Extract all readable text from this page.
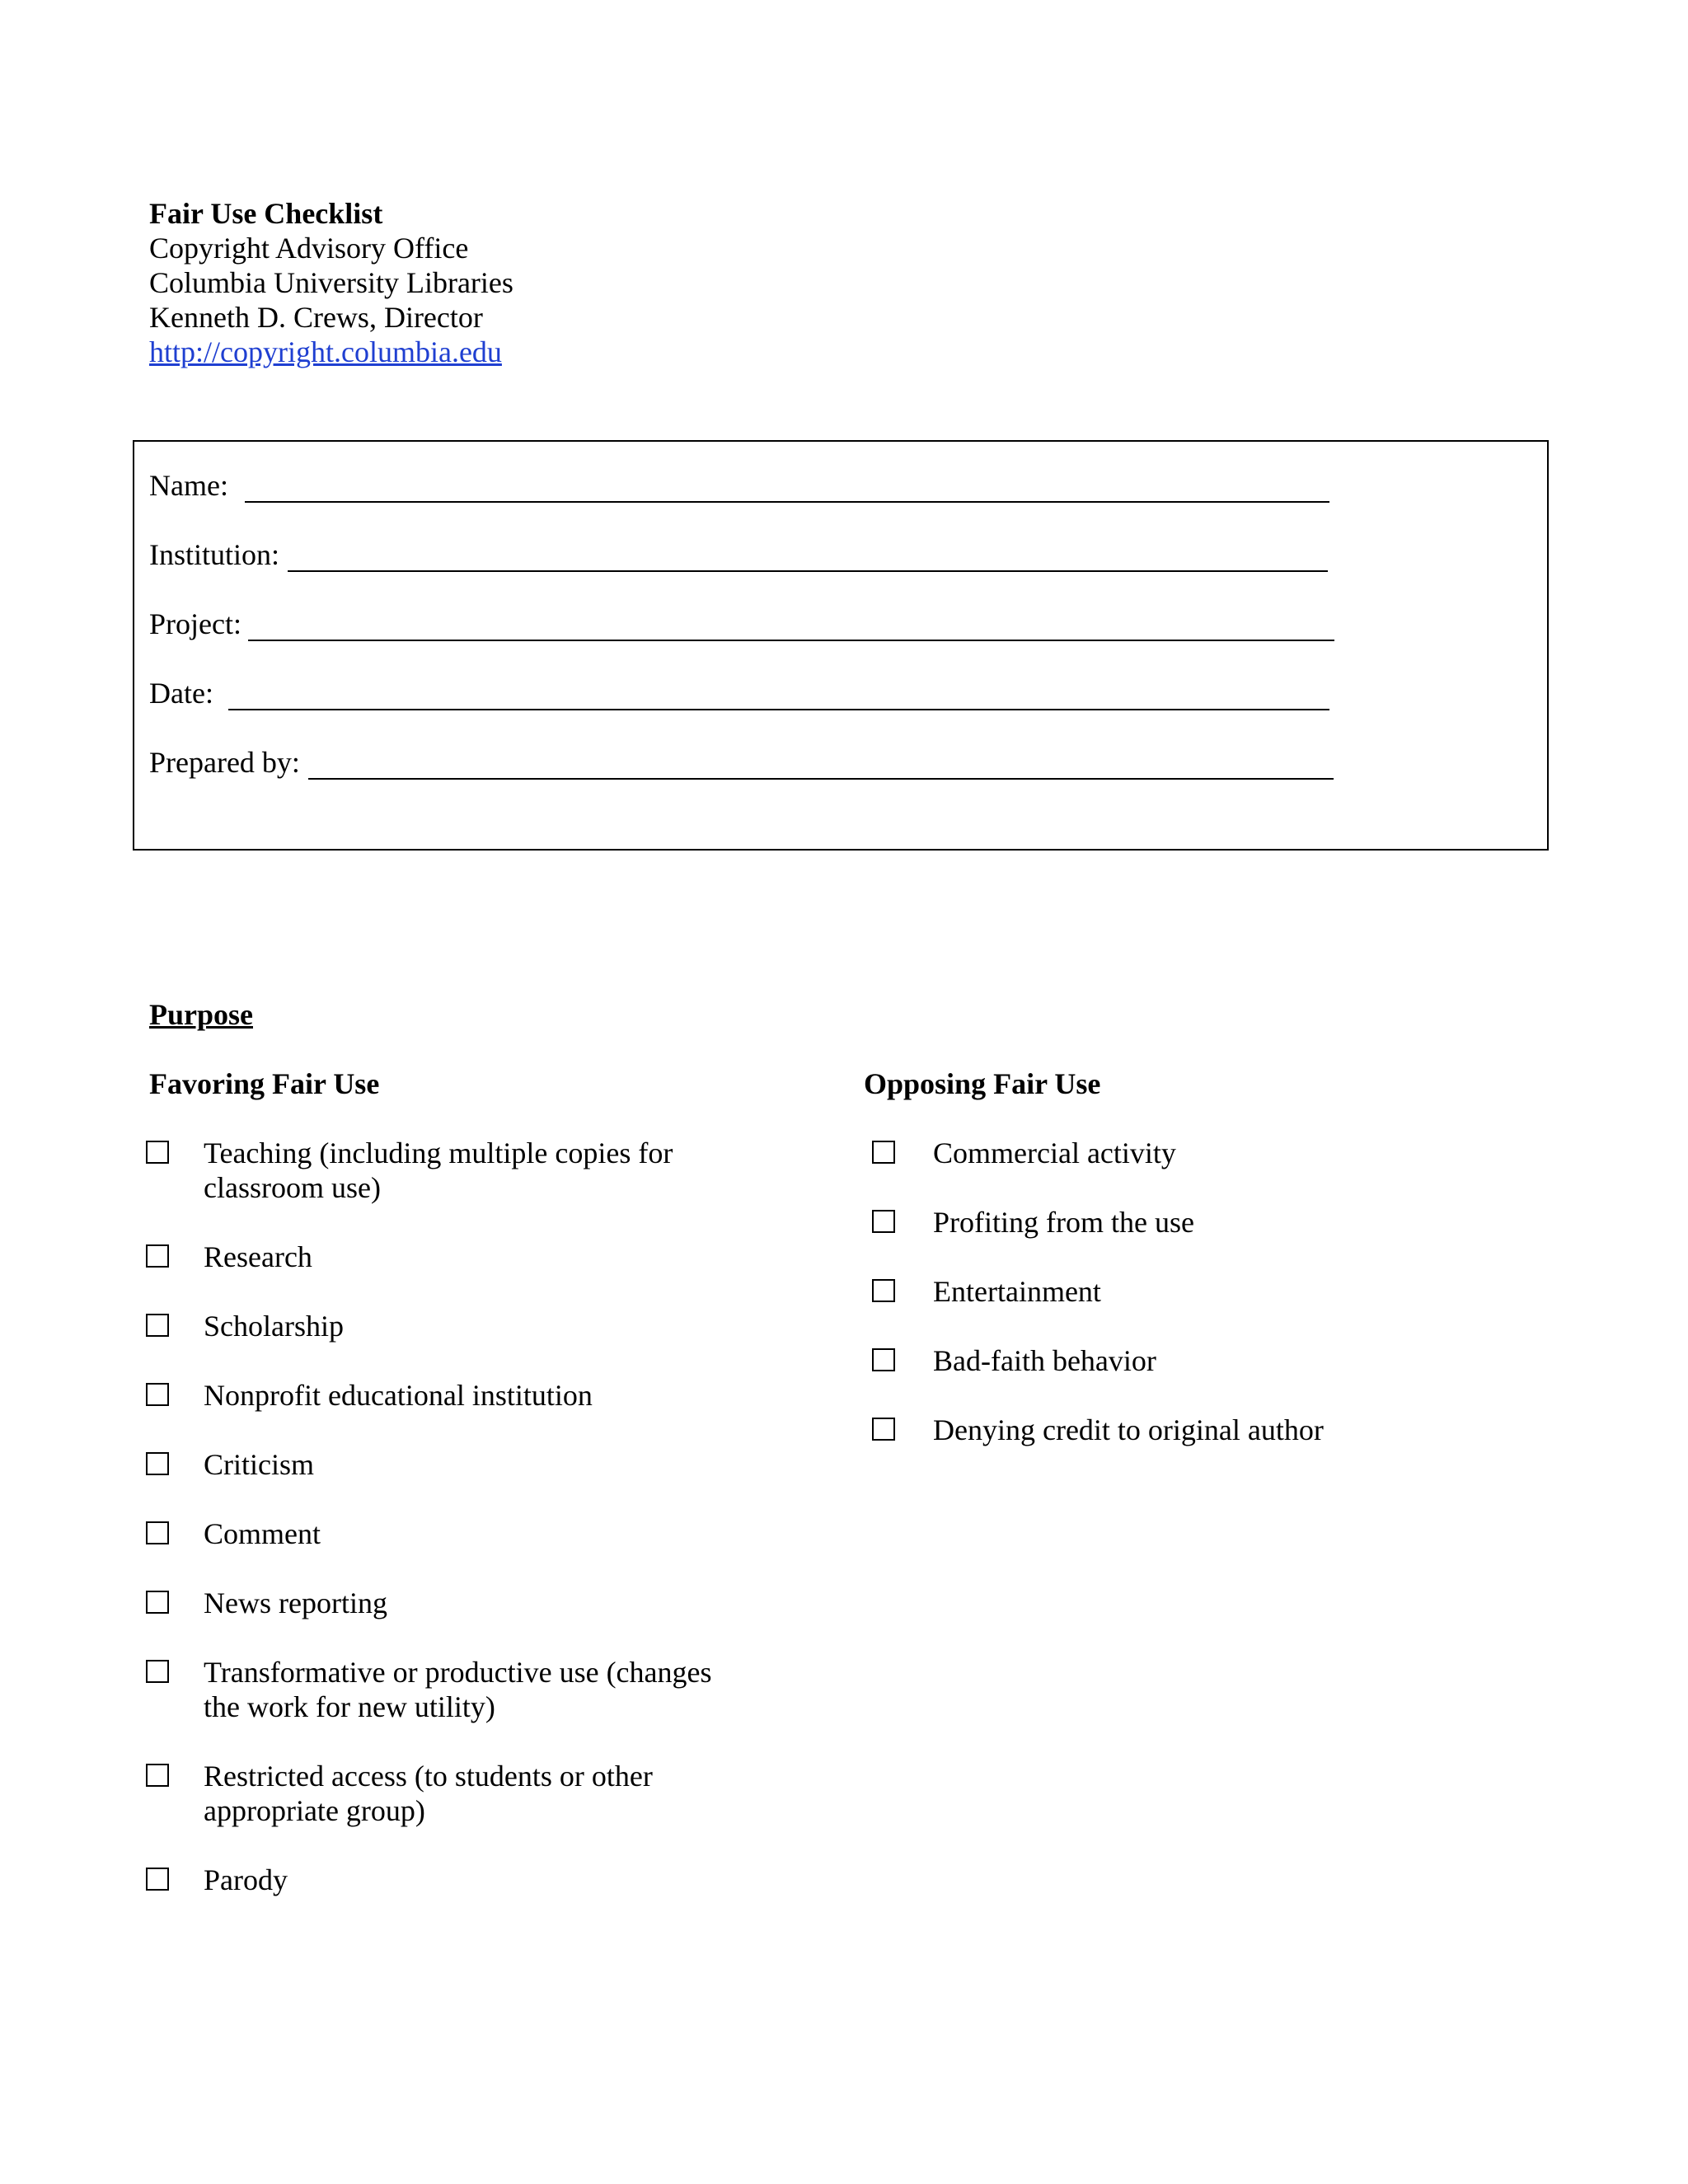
Fair Use Checklist
Copyright Advisory Office
Columbia University Libraries
Kenneth D. Crews, Director
http://copyright.columbia.edu
Name:
Institution:
Project:
Date:
Prepared by:
Purpose
Favoring Fair Use	Opposing Fair Use
Teaching (including multiple copies for classroom use)
Research
Scholarship
Nonprofit educational institution
Criticism
Comment
News reporting
Transformative or productive use (changes the work for new utility)
Restricted access (to students or other appropriate group)
Parody
Commercial activity
Profiting from the use
Entertainment
Bad-faith behavior
Denying credit to original author
